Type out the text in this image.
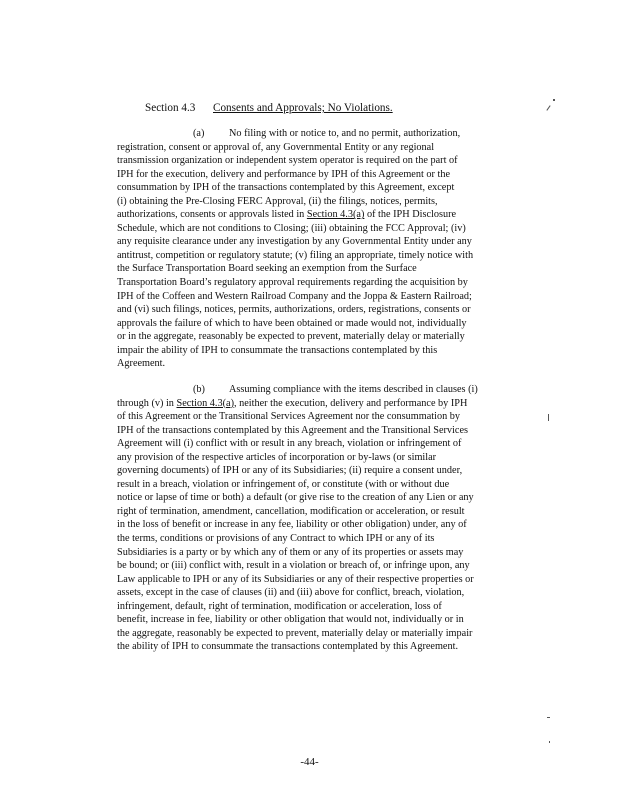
Section 4.3 Consents and Approvals; No Violations.
(a) No filing with or notice to, and no permit, authorization,
registration, consent or approval of, any Governmental Entity or any regional
transmission organization or independent system operator is required on the part of
IPH for the execution, delivery and performance by IPH of this Agreement or the
consummation by IPH of the transactions contemplated by this Agreement, except
(i) obtaining the Pre-Closing FERC Approval, (ii) the filings, notices, permits,
authorizations, consents or approvals listed in Section 4.3(a) of the IPH Disclosure
Schedule, which are not conditions to Closing; (iii) obtaining the FCC Approval; (iv)
any requisite clearance under any investigation by any Governmental Entity under any
antitrust, competition or regulatory statute; (v) filing an appropriate, timely notice with
the Surface Transportation Board seeking an exemption from the Surface
Transportation Board’s regulatory approval requirements regarding the acquisition by
IPH of the Coffeen and Western Railroad Company and the Joppa & Eastern Railroad;
and (vi) such filings, notices, permits, authorizations, orders, registrations, consents or
approvals the failure of which to have been obtained or made would not, individually
or in the aggregate, reasonably be expected to prevent, materially delay or materially
impair the ability of IPH to consummate the transactions contemplated by this
Agreement.
(b) Assuming compliance with the items described in clauses (i)
through (v) in Section 4.3(a), neither the execution, delivery and performance by IPH
of this Agreement or the Transitional Services Agreement nor the consummation by
IPH of the transactions contemplated by this Agreement and the Transitional Services
Agreement will (i) conflict with or result in any breach, violation or infringement of
any provision of the respective articles of incorporation or by-laws (or similar
governing documents) of IPH or any of its Subsidiaries; (ii) require a consent under,
result in a breach, violation or infringement of, or constitute (with or without due
notice or lapse of time or both) a default (or give rise to the creation of any Lien or any
right of termination, amendment, cancellation, modification or acceleration, or result
in the loss of benefit or increase in any fee, liability or other obligation) under, any of
the terms, conditions or provisions of any Contract to which IPH or any of its
Subsidiaries is a party or by which any of them or any of its properties or assets may
be bound; or (iii) conflict with, result in a violation or breach of, or infringe upon, any
Law applicable to IPH or any of its Subsidiaries or any of their respective properties or
assets, except in the case of clauses (ii) and (iii) above for conflict, breach, violation,
infringement, default, right of termination, modification or acceleration, loss of
benefit, increase in fee, liability or other obligation that would not, individually or in
the aggregate, reasonably be expected to prevent, materially delay or materially impair
the ability of IPH to consummate the transactions contemplated by this Agreement.
-44-
